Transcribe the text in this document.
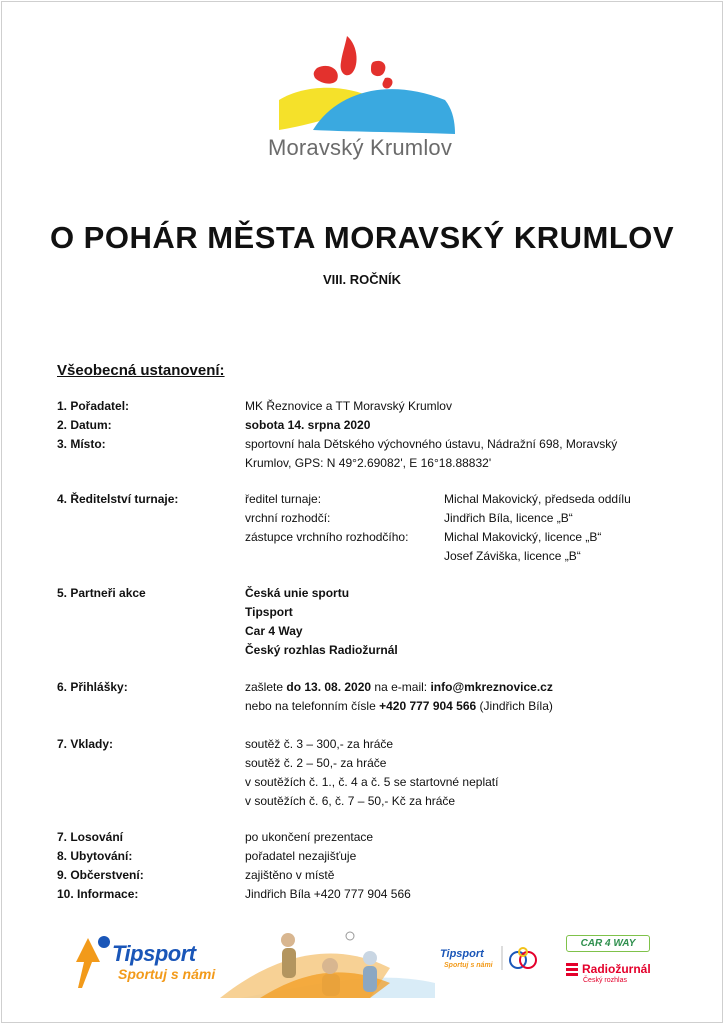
Moravský Krumlov
O POHÁR MĚSTA MORAVSKÝ KRUMLOV
VIII. ROČNÍK
Všeobecná ustanovení:
1. Pořadatel:	MK Řeznovice a TT Moravský Krumlov
2. Datum:	sobota 14. srpna 2020
3. Místo:	sportovní hala Dětského výchovného ústavu, Nádražní 698, Moravský
Krumlov, GPS: N 49°2.69082', E 16°18.88832'
4. Ředitelství turnaje:	ředitel turnaje:	Michal Makovický, předseda oddílu
vrchní rozhodčí:	Jindřich Bíla, licence „B“
zástupce vrchního rozhodčího:	Michal Makovický, licence „B“
Josef Záviška, licence „B“
5. Partneři akce	Česká unie sportu
Tipsport
Car 4 Way
Český rozhlas Radiožurnál
6. Přihlášky:	zašlete do 13. 08. 2020 na e-mail: info@mkreznovice.cz
nebo na telefonním čísle +420 777 904 566 (Jindřich Bíla)
7. Vklady:	soutěž č. 3 – 300,- za hráče
soutěž č. 2 – 50,- za hráče
v soutěžích č. 1., č. 4 a č. 5 se startovné neplatí
v soutěžích č. 6, č. 7 – 50,- Kč za hráče
7. Losování	po ukončení prezentace
8. Ubytování:	pořadatel nezajišťuje
9. Občerstvení:	zajištěno v místě
10. Informace:	Jindřich Bíla +420 777 904 566
Tipsport
Sportuj s námi
Tipsport
Sportuj s námi
CAR 4 WAY
Radiožurnál
Český rozhlas
